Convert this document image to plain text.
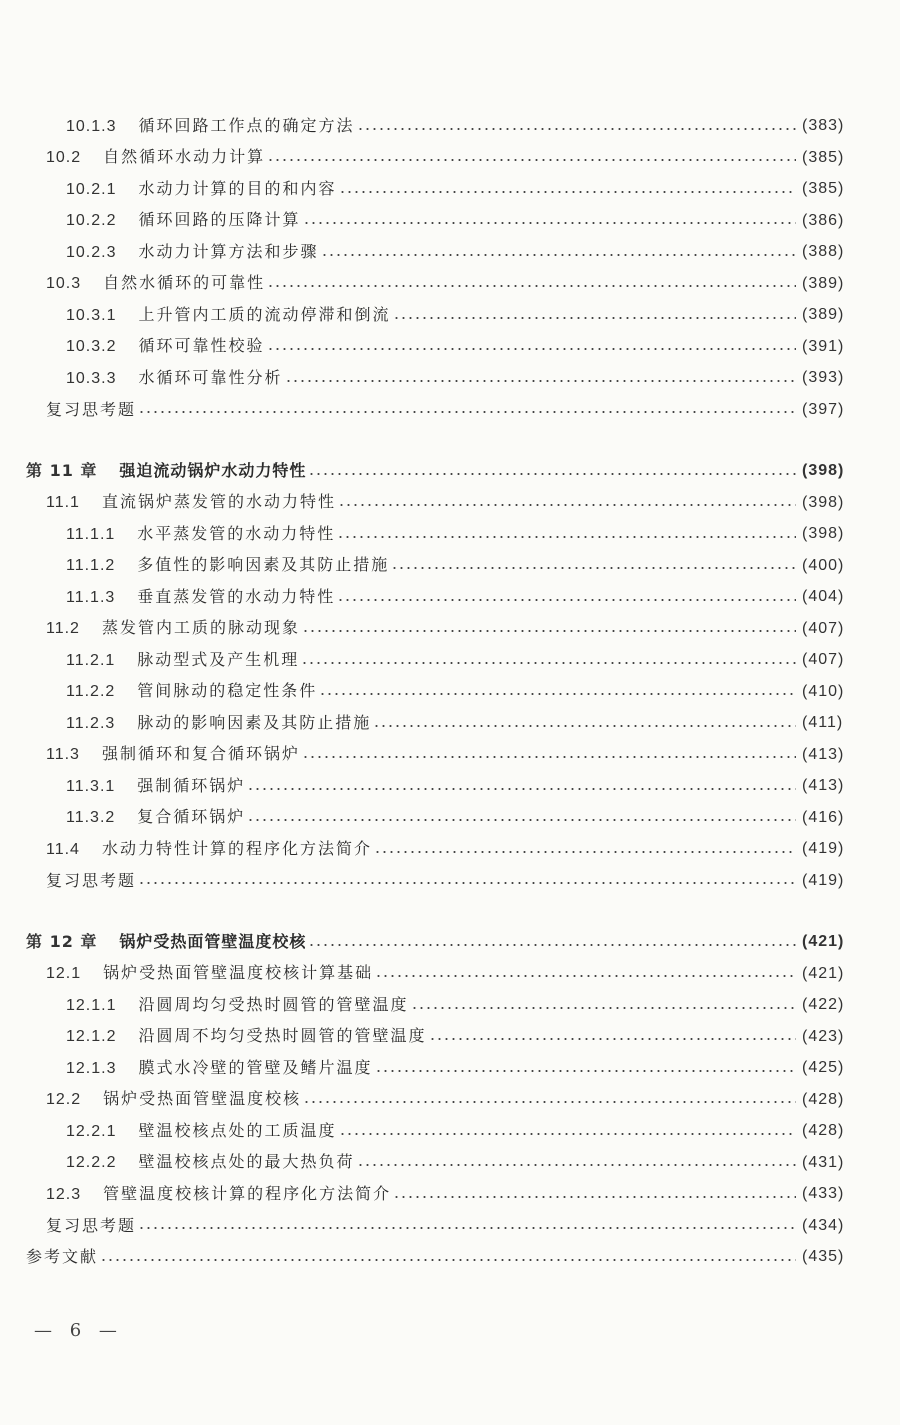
10.1.3 循环回路工作点的确定方法	(383)
10.2 自然循环水动力计算	(385)
10.2.1 水动力计算的目的和内容	(385)
10.2.2 循环回路的压降计算	(386)
10.2.3 水动力计算方法和步骤	(388)
10.3 自然水循环的可靠性	(389)
10.3.1 上升管内工质的流动停滞和倒流	(389)
10.3.2 循环可靠性校验	(391)
10.3.3 水循环可靠性分析	(393)
复习思考题	(397)
第 11 章 强迫流动锅炉水动力特性	(398)
11.1 直流锅炉蒸发管的水动力特性	(398)
11.1.1 水平蒸发管的水动力特性	(398)
11.1.2 多值性的影响因素及其防止措施	(400)
11.1.3 垂直蒸发管的水动力特性	(404)
11.2 蒸发管内工质的脉动现象	(407)
11.2.1 脉动型式及产生机理	(407)
11.2.2 管间脉动的稳定性条件	(410)
11.2.3 脉动的影响因素及其防止措施	(411)
11.3 强制循环和复合循环锅炉	(413)
11.3.1 强制循环锅炉	(413)
11.3.2 复合循环锅炉	(416)
11.4 水动力特性计算的程序化方法简介	(419)
复习思考题	(419)
第 12 章 锅炉受热面管壁温度校核	(421)
12.1 锅炉受热面管壁温度校核计算基础	(421)
12.1.1 沿圆周均匀受热时圆管的管壁温度	(422)
12.1.2 沿圆周不均匀受热时圆管的管壁温度	(423)
12.1.3 膜式水冷壁的管壁及鳍片温度	(425)
12.2 锅炉受热面管壁温度校核	(428)
12.2.1 壁温校核点处的工质温度	(428)
12.2.2 壁温校核点处的最大热负荷	(431)
12.3 管壁温度校核计算的程序化方法简介	(433)
复习思考题	(434)
参考文献	(435)
— 6 —
